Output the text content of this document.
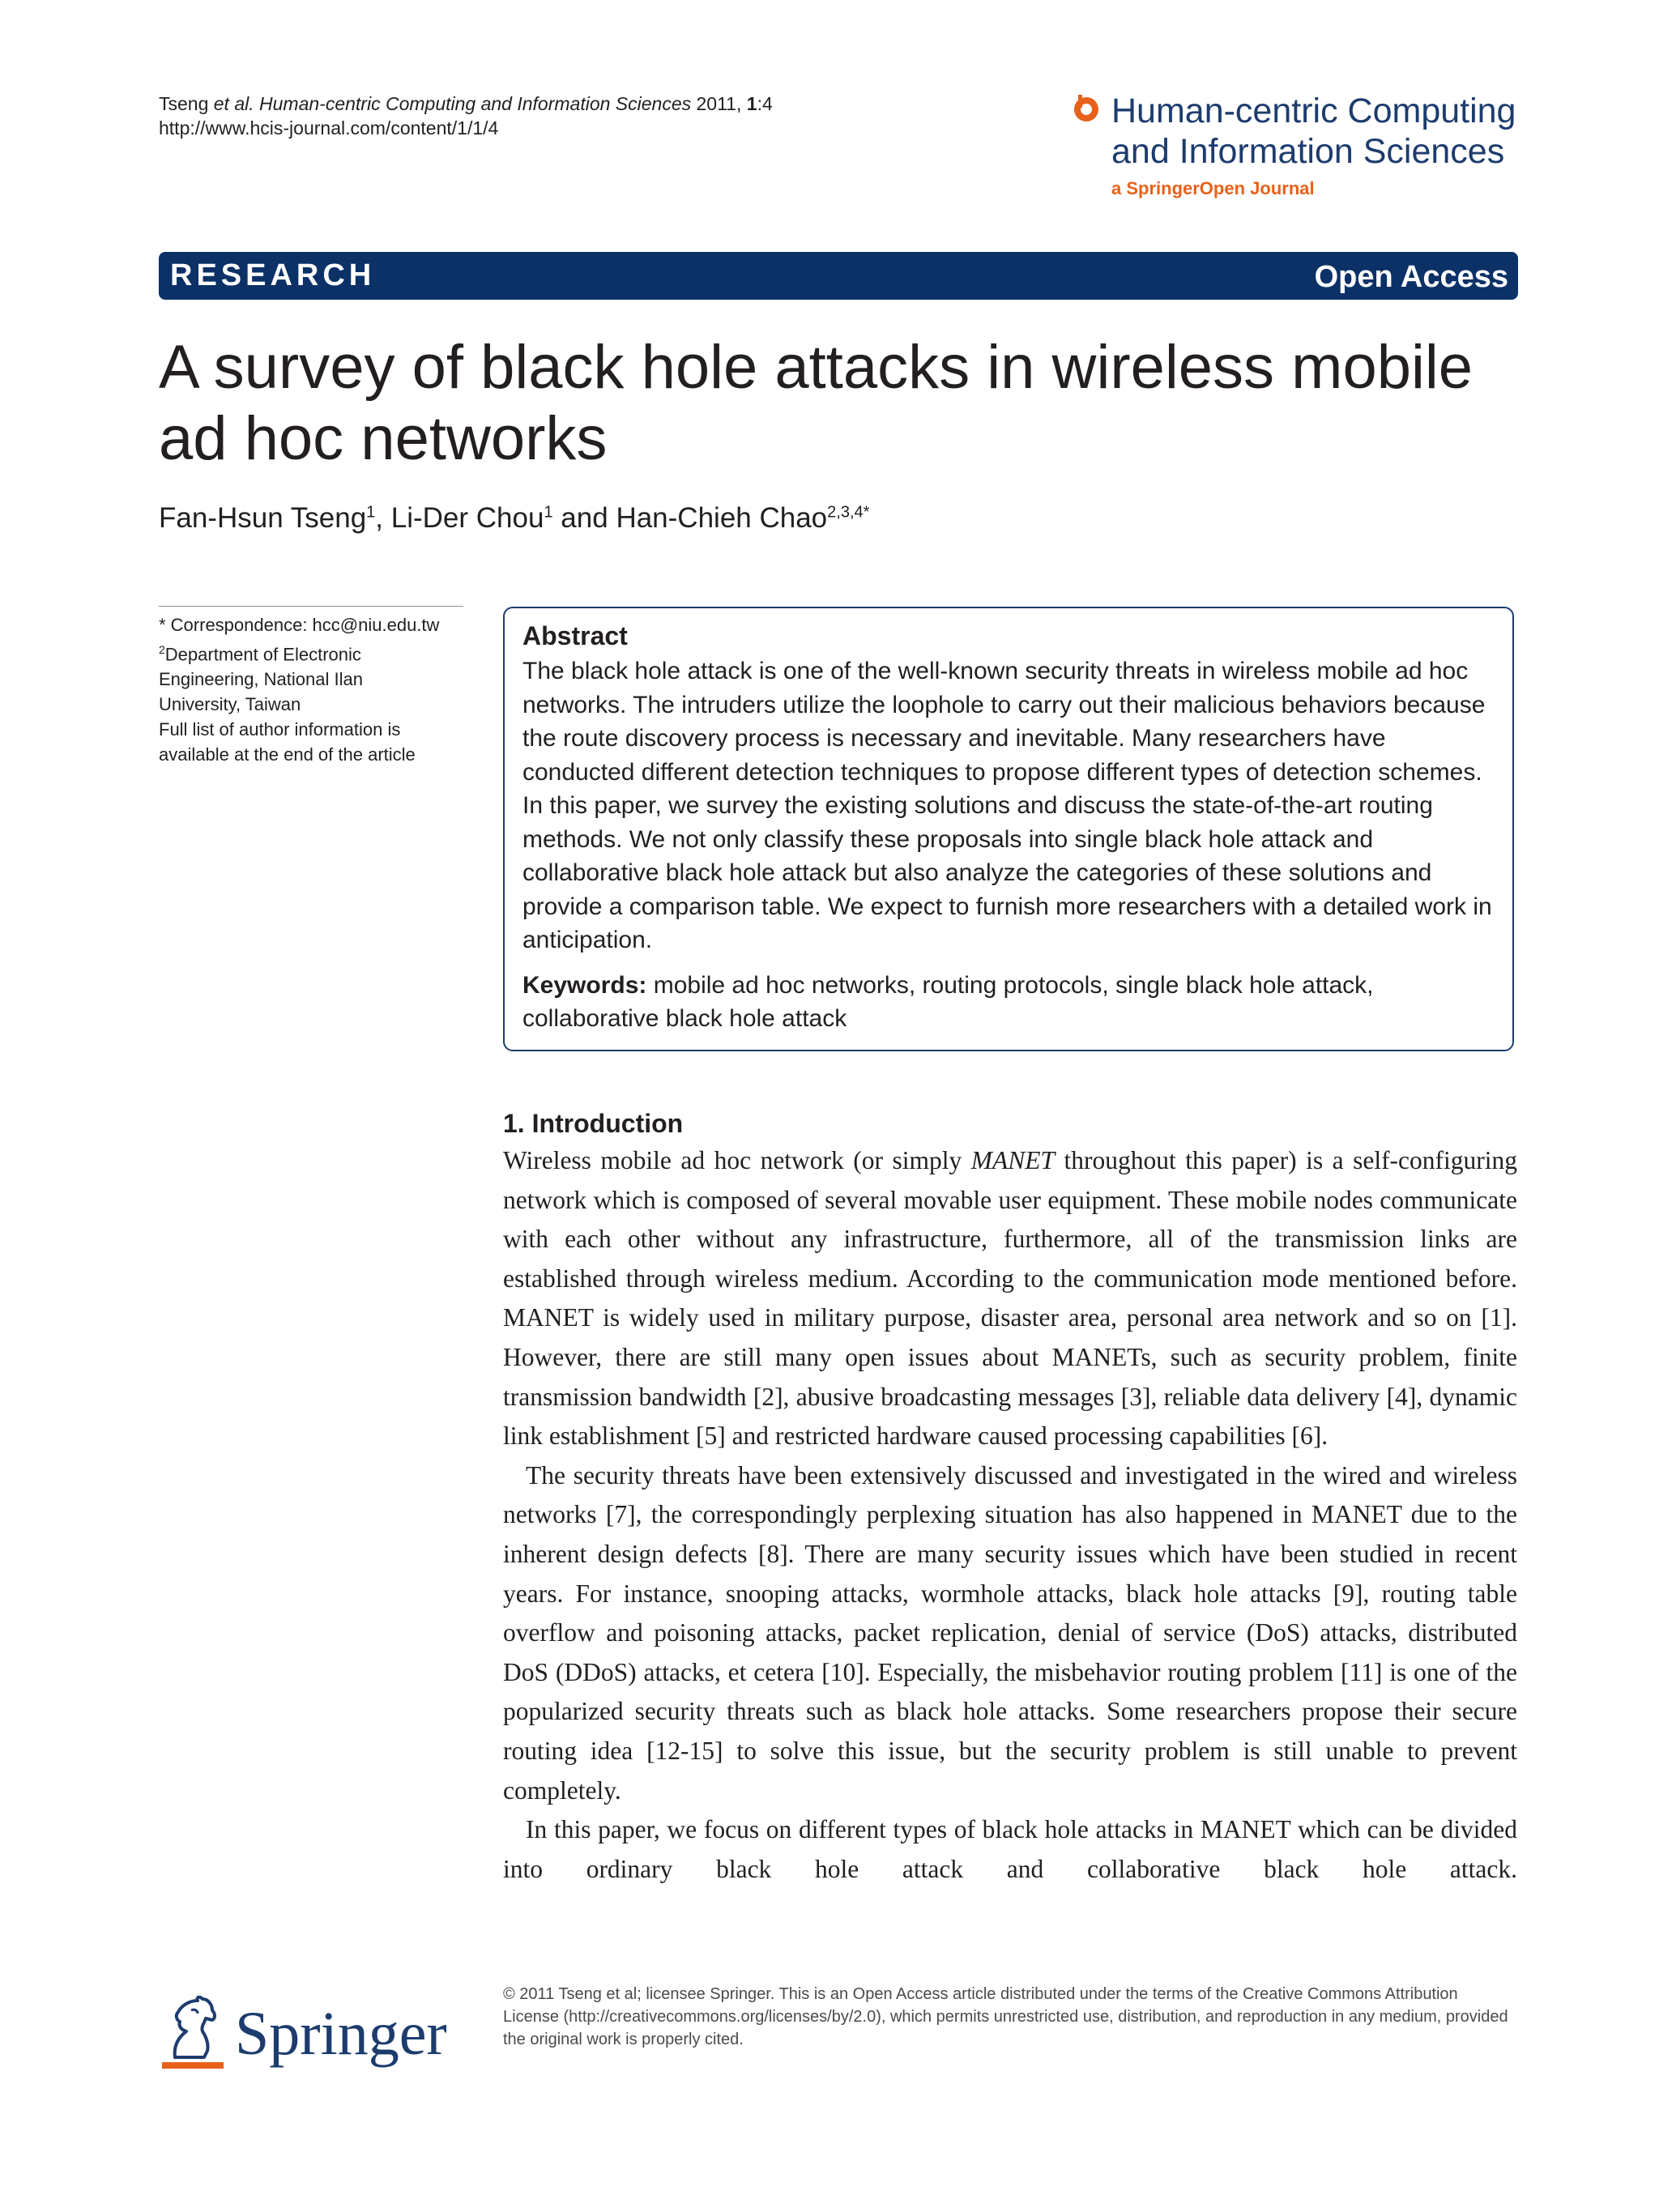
Tseng et al. Human-centric Computing and Information Sciences 2011, 1:4
http://www.hcis-journal.com/content/1/1/4	Human-centric Computing
and Information Sciences
a SpringerOpen Journal
RESEARCH	Open Access
A survey of black hole attacks in wireless mobile
ad hoc networks
Fan-Hsun Tseng$^1$, Li-Der Chou$^1$ and Han-Chieh Chao$^{2,3,4*}$
* Correspondence: hcc@niu.edu.tw
$^2$Department of Electronic
Engineering, National Ilan
University, Taiwan
Full list of author information is
available at the end of the article
Abstract
The black hole attack is one of the well-known security threats in wireless mobile ad hoc networks. The intruders utilize the loophole to carry out their malicious behaviors because the route discovery process is necessary and inevitable. Many researchers have conducted different detection techniques to propose different types of detection schemes. In this paper, we survey the existing solutions and discuss the state-of-the-art routing methods. We not only classify these proposals into single black hole attack and collaborative black hole attack but also analyze the categories of these solutions and provide a comparison table. We expect to furnish more researchers with a detailed work in anticipation.
Keywords: mobile ad hoc networks, routing protocols, single black hole attack, collaborative black hole attack
1. Introduction

Wireless mobile ad hoc network (or simply MANET throughout this paper) is a self-configuring network which is composed of several movable user equipment. These mobile nodes communicate with each other without any infrastructure, furthermore, all of the transmission links are established through wireless medium. According to the communication mode mentioned before. MANET is widely used in military purpose, disaster area, personal area network and so on [1]. However, there are still many open issues about MANETs, such as security problem, finite transmission bandwidth [2], abusive broadcasting messages [3], reliable data delivery [4], dynamic link establishment [5] and restricted hardware caused processing capabilities [6].

The security threats have been extensively discussed and investigated in the wired and wireless networks [7], the correspondingly perplexing situation has also happened in MANET due to the inherent design defects [8]. There are many security issues which have been studied in recent years. For instance, snooping attacks, wormhole attacks, black hole attacks [9], routing table overflow and poisoning attacks, packet replication, denial of service (DoS) attacks, distributed DoS (DDoS) attacks, et cetera [10]. Especially, the misbehavior routing problem [11] is one of the popularized security threats such as black hole attacks. Some researchers propose their secure routing idea [12-15] to solve this issue, but the security problem is still unable to prevent completely.

In this paper, we focus on different types of black hole attacks in MANET which can be divided into ordinary black hole attack and collaborative black hole attack.

Springer
© 2011 Tseng et al; licensee Springer. This is an Open Access article distributed under the terms of the Creative Commons Attribution License (http://creativecommons.org/licenses/by/2.0), which permits unrestricted use, distribution, and reproduction in any medium, provided the original work is properly cited.
